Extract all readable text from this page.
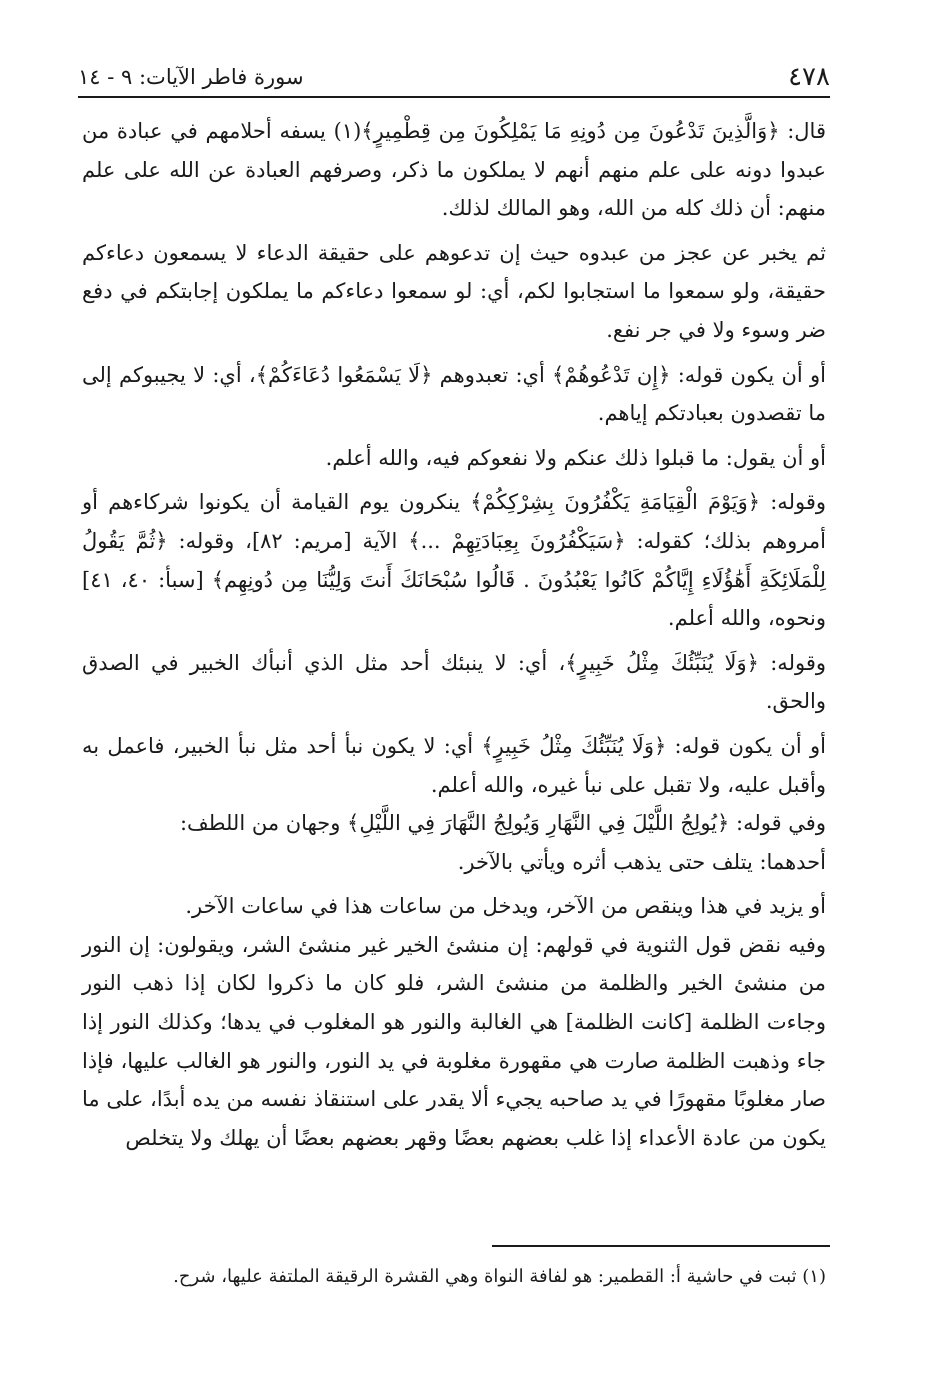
٤٧٨
سورة فاطر الآيات: ٩ - ١٤

قال: ﴿وَالَّذِينَ تَدْعُونَ مِن دُونِهِ مَا يَمْلِكُونَ مِن قِطْمِيرٍ﴾(١) يسفه أحلامهم في عبادة من عبدوا دونه على علم منهم أنهم لا يملكون ما ذكر، وصرفهم العبادة عن الله على علم منهم: أن ذلك كله من الله، وهو المالك لذلك.

ثم يخبر عن عجز من عبدوه حيث إن تدعوهم على حقيقة الدعاء لا يسمعون دعاءكم حقيقة، ولو سمعوا ما استجابوا لكم، أي: لو سمعوا دعاءكم ما يملكون إجابتكم في دفع ضر وسوء ولا في جر نفع.

أو أن يكون قوله: ﴿إِن تَدْعُوهُمْ﴾ أي: تعبدوهم ﴿لَا يَسْمَعُوا دُعَاءَكُمْ﴾، أي: لا يجيبوكم إلى ما تقصدون بعبادتكم إياهم.

أو أن يقول: ما قبلوا ذلك عنكم ولا نفعوكم فيه، والله أعلم.

وقوله: ﴿وَيَوْمَ الْقِيَامَةِ يَكْفُرُونَ بِشِرْكِكُمْ﴾ ينكرون يوم القيامة أن يكونوا شركاءهم أو أمروهم بذلك؛ كقوله: ﴿سَيَكْفُرُونَ بِعِبَادَتِهِمْ ...﴾ الآية [مريم: ٨٢]، وقوله: ﴿ثُمَّ يَقُولُ لِلْمَلَائِكَةِ أَهَٰؤُلَاءِ إِيَّاكُمْ كَانُوا يَعْبُدُونَ . قَالُوا سُبْحَانَكَ أَنتَ وَلِيُّنَا مِن دُونِهِم﴾ [سبأ: ٤٠، ٤١] ونحوه، والله أعلم.

وقوله: ﴿وَلَا يُنَبِّئُكَ مِثْلُ خَبِيرٍ﴾، أي: لا ينبئك أحد مثل الذي أنبأك الخبير في الصدق والحق.

أو أن يكون قوله: ﴿وَلَا يُنَبِّئُكَ مِثْلُ خَبِيرٍ﴾ أي: لا يكون نبأ أحد مثل نبأ الخبير، فاعمل به وأقبل عليه، ولا تقبل على نبأ غيره، والله أعلم.

وفي قوله: ﴿يُولِجُ اللَّيْلَ فِي النَّهَارِ وَيُولِجُ النَّهَارَ فِي اللَّيْلِ﴾ وجهان من اللطف:

أحدهما: يتلف حتى يذهب أثره ويأتي بالآخر.

أو يزيد في هذا وينقص من الآخر، ويدخل من ساعات هذا في ساعات الآخر.

وفيه نقض قول الثنوية في قولهم: إن منشئ الخير غير منشئ الشر، ويقولون: إن النور من منشئ الخير والظلمة من منشئ الشر، فلو كان ما ذكروا لكان إذا ذهب النور وجاءت الظلمة [كانت الظلمة] هي الغالبة والنور هو المغلوب في يدها؛ وكذلك النور إذا جاء وذهبت الظلمة صارت هي مقهورة مغلوبة في يد النور، والنور هو الغالب عليها، فإذا صار مغلوبًا مقهورًا في يد صاحبه يجيء ألا يقدر على استنقاذ نفسه من يده أبدًا، على ما يكون من عادة الأعداء إذا غلب بعضهم بعضًا وقهر بعضهم بعضًا أن يهلك ولا يتخلص

(١) ثبت في حاشية أ: القطمير: هو لفافة النواة وهي القشرة الرقيقة الملتفة عليها، شرح.
